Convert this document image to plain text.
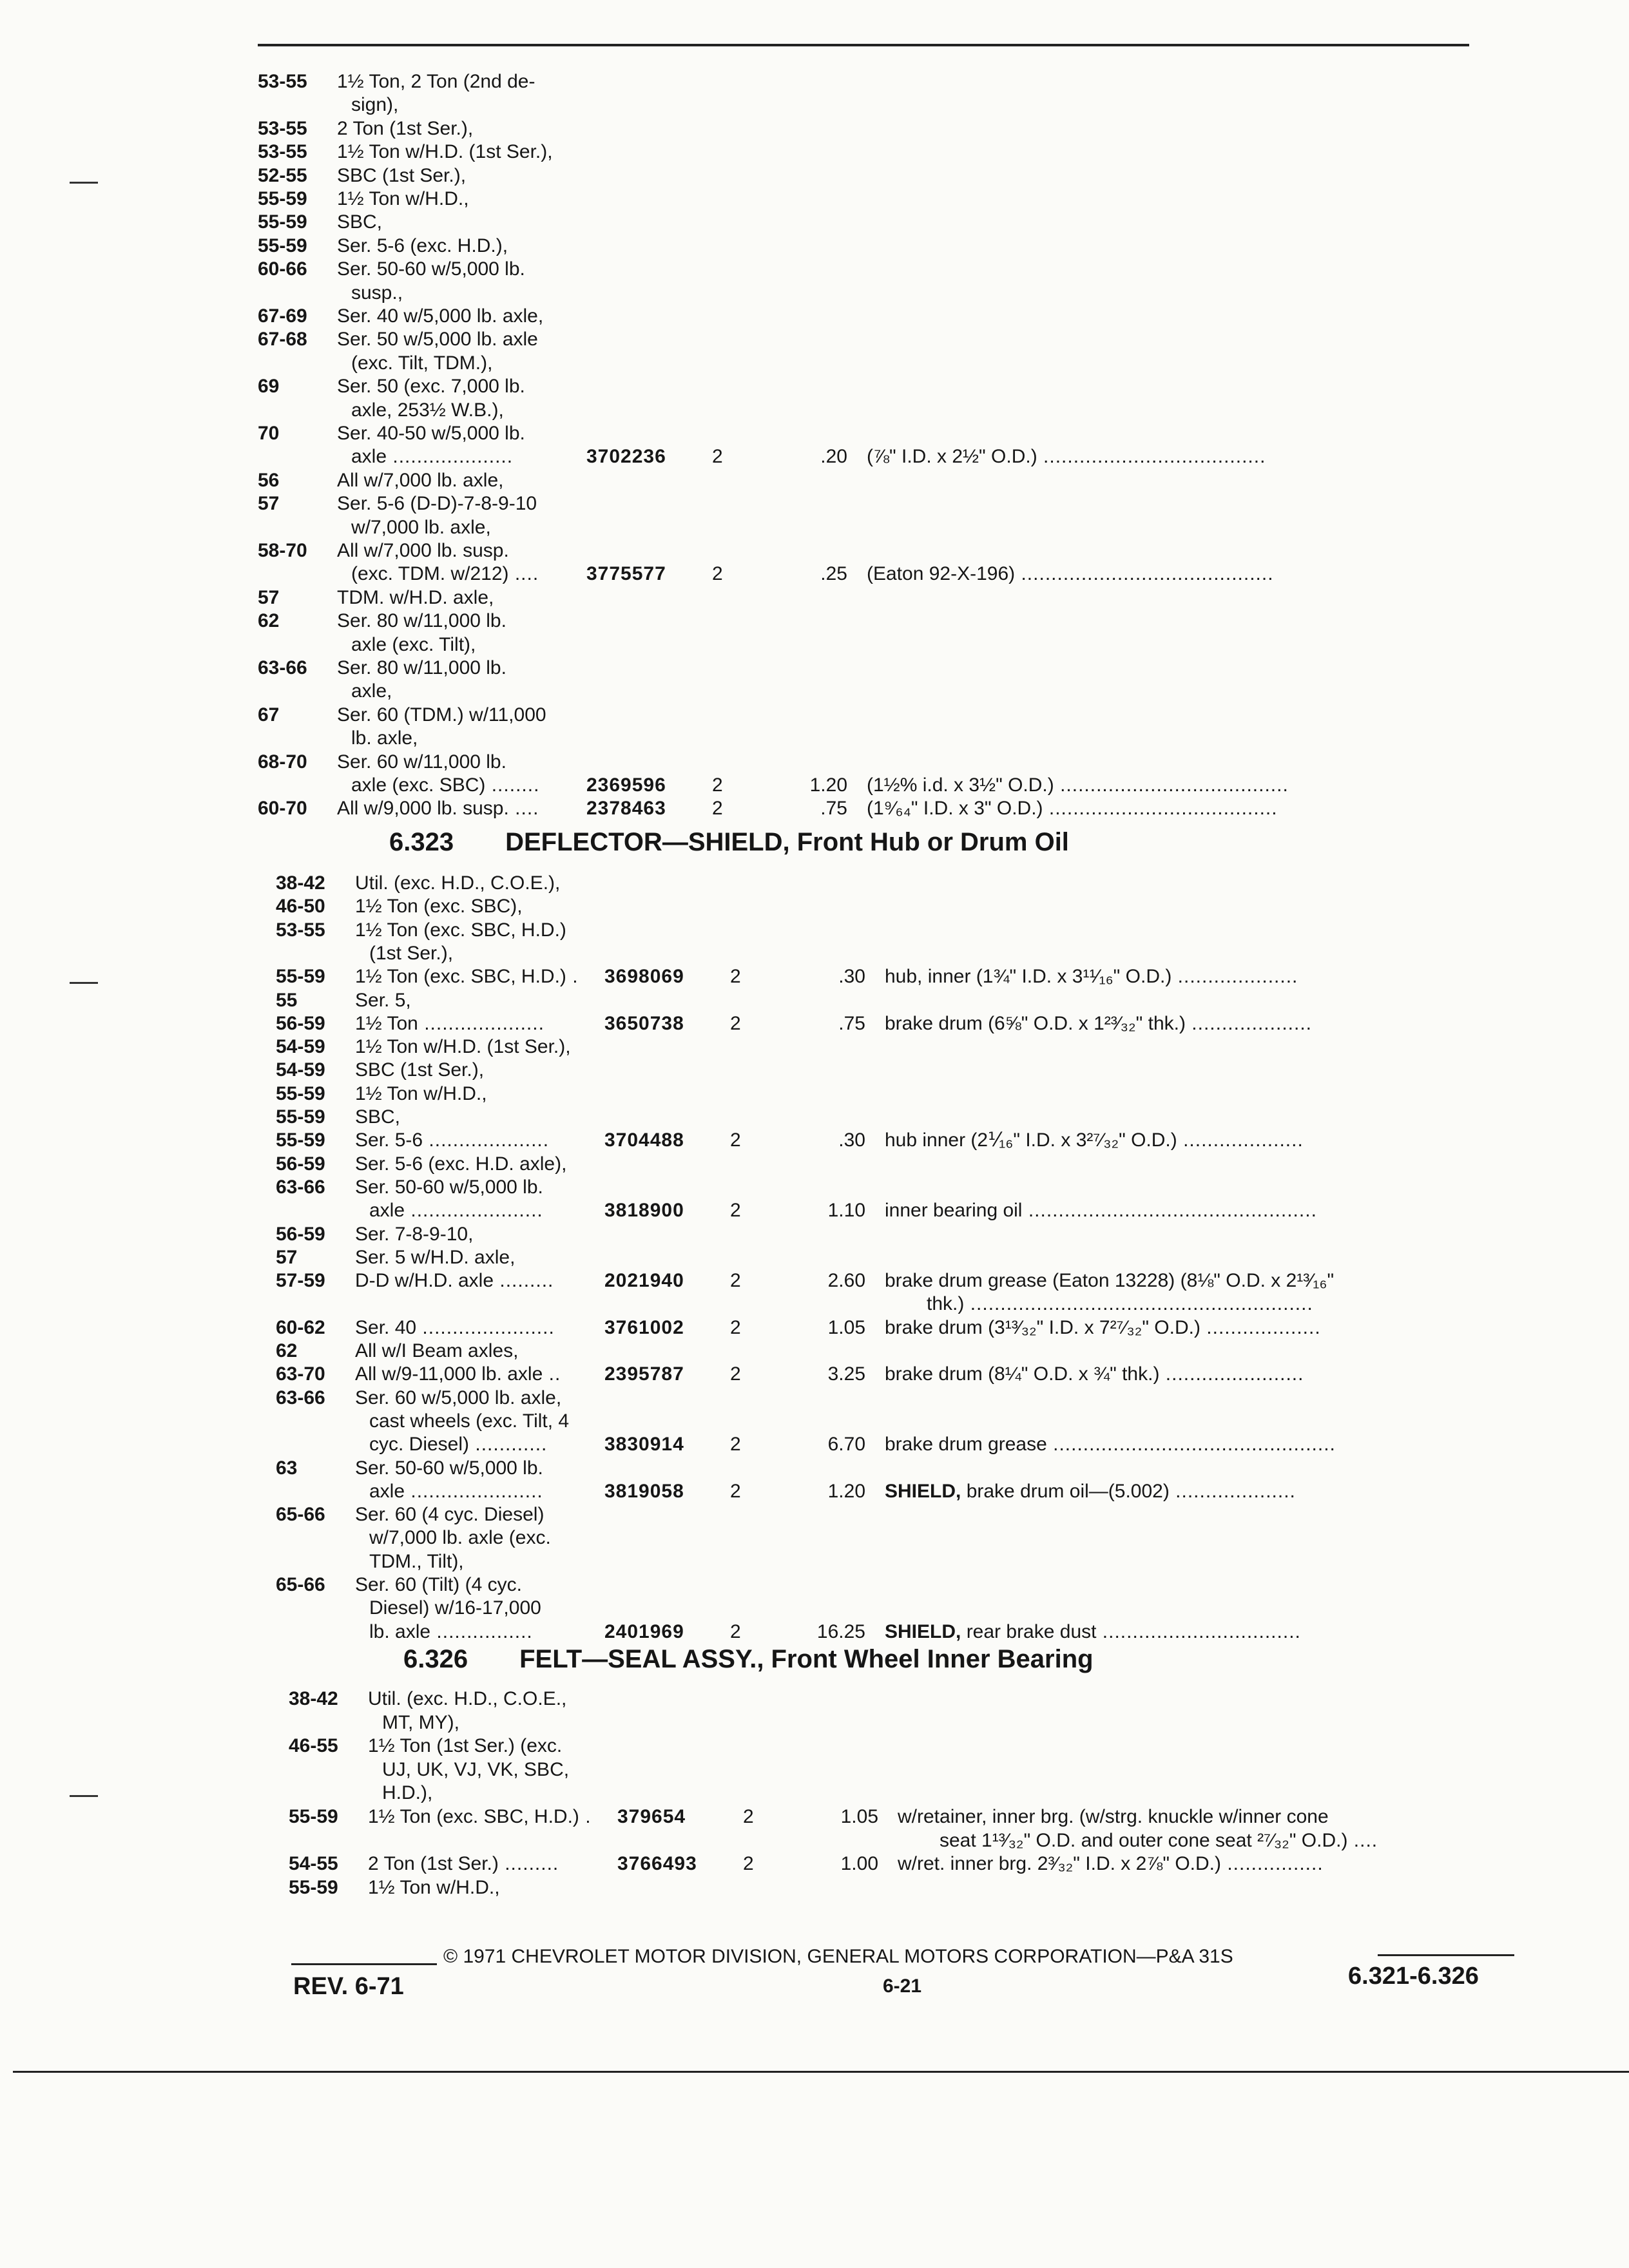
53-55 1½ Ton, 2 Ton (2nd de-
sign),
53-55 2 Ton (1st Ser.),
53-55 1½ Ton w/H.D. (1st Ser.),
52-55 SBC (1st Ser.),
55-59 1½ Ton w/H.D.,
55-59 SBC,
55-59 Ser. 5-6 (exc. H.D.),
60-66 Ser. 50-60 w/5,000 lb.
susp.,
67-69 Ser. 40 w/5,000 lb. axle,
67-68 Ser. 50 w/5,000 lb. axle
(exc. Tilt, TDM.),
69	Ser. 50 (exc. 7,000 lb.
axle, 253½ W.B.),
70	Ser. 40-50 w/5,000 lb.
axle ....................	3702236 2	.20 (⅞" I.D. x 2½" O.D.) .....................................
56	All w/7,000 lb. axle,
57	Ser. 5-6 (D-D)-7-8-9-10
w/7,000 lb. axle,
58-70 All w/7,000 lb. susp.
(exc. TDM. w/212) .... 3775577 2	.25 (Eaton 92-X-196) ..........................................
57	TDM. w/H.D. axle,
62	Ser. 80 w/11,000 lb.
axle (exc. Tilt),
63-66 Ser. 80 w/11,000 lb.
axle,
67	Ser. 60 (TDM.) w/11,000
lb. axle,
68-70 Ser. 60 w/11,000 lb.
axle (exc. SBC) ........ 2369596 2	1.20 (1½% i.d. x 3½" O.D.) ......................................
60-70 All w/9,000 lb. susp. .... 2378463 2	.75 (1⁹⁄₆₄" I.D. x 3" O.D.) ......................................
6.323 DEFLECTOR—SHIELD, Front Hub or Drum Oil
38-42 Util. (exc. H.D., C.O.E.),
46-50 1½ Ton (exc. SBC),
53-55 1½ Ton (exc. SBC, H.D.)
(1st Ser.),
55-59 1½ Ton (exc. SBC, H.D.) . 3698069 2	.30 hub, inner (1¾" I.D. x 3¹¹⁄₁₆" O.D.) ....................
55	Ser. 5,
56-59 1½ Ton ....................	3650738 2	.75 brake drum (6⅝" O.D. x 1²³⁄₃₂" thk.) ....................
54-59 1½ Ton w/H.D. (1st Ser.),
54-59 SBC (1st Ser.),
55-59 1½ Ton w/H.D.,
55-59 SBC,
55-59 Ser. 5-6 ....................	3704488 2	.30 hub inner (2⅟₁₆" I.D. x 3²⁷⁄₃₂" O.D.) ....................
56-59 Ser. 5-6 (exc. H.D. axle),
63-66 Ser. 50-60 w/5,000 lb.
axle ......................	3818900 2	1.10 inner bearing oil ................................................
56-59 Ser. 7-8-9-10,
57	Ser. 5 w/H.D. axle,
57-59 D-D w/H.D. axle .........	2021940 2	2.60 brake drum grease (Eaton 13228) (8⅛" O.D. x 2¹³⁄₁₆"
thk.) .........................................................
60-62 Ser. 40 ......................	3761002 2	1.05 brake drum (3¹³⁄₃₂" I.D. x 7²⁷⁄₃₂" O.D.) ...................
62	All w/I Beam axles,
63-70 All w/9-11,000 lb. axle .. 2395787 2	3.25 brake drum (8¼" O.D. x ¾" thk.) .......................
63-66 Ser. 60 w/5,000 lb. axle,
cast wheels (exc. Tilt, 4
cyc. Diesel) ............	3830914 2	6.70 brake drum grease ...............................................
63	Ser. 50-60 w/5,000 lb.
axle ......................	3819058 2	1.20 SHIELD, brake drum oil—(5.002) ....................
65-66 Ser. 60 (4 cyc. Diesel)
w/7,000 lb. axle (exc.
TDM., Tilt),
65-66 Ser. 60 (Tilt) (4 cyc.
Diesel) w/16-17,000
lb. axle ................	2401969 2	16.25 SHIELD, rear brake dust .................................
6.326 FELT—SEAL ASSY., Front Wheel Inner Bearing
38-42 Util. (exc. H.D., C.O.E.,
MT, MY),
46-55 1½ Ton (1st Ser.) (exc.
UJ, UK, VJ, VK, SBC,
H.D.),
55-59 1½ Ton (exc. SBC, H.D.) . 379654	2	1.05 w/retainer, inner brg. (w/strg. knuckle w/inner cone
seat 1¹³⁄₃₂" O.D. and outer cone seat ²⁷⁄₃₂" O.D.) ....
54-55 2 Ton (1st Ser.) .........	3766493 2	1.00 w/ret. inner brg. 2³⁄₃₂" I.D. x 2⅞" O.D.) ................
55-59 1½ Ton w/H.D.,
© 1971 CHEVROLET MOTOR DIVISION, GENERAL MOTORS CORPORATION—P&A 31S
REV. 6-71	6-21	6.321-6.326
